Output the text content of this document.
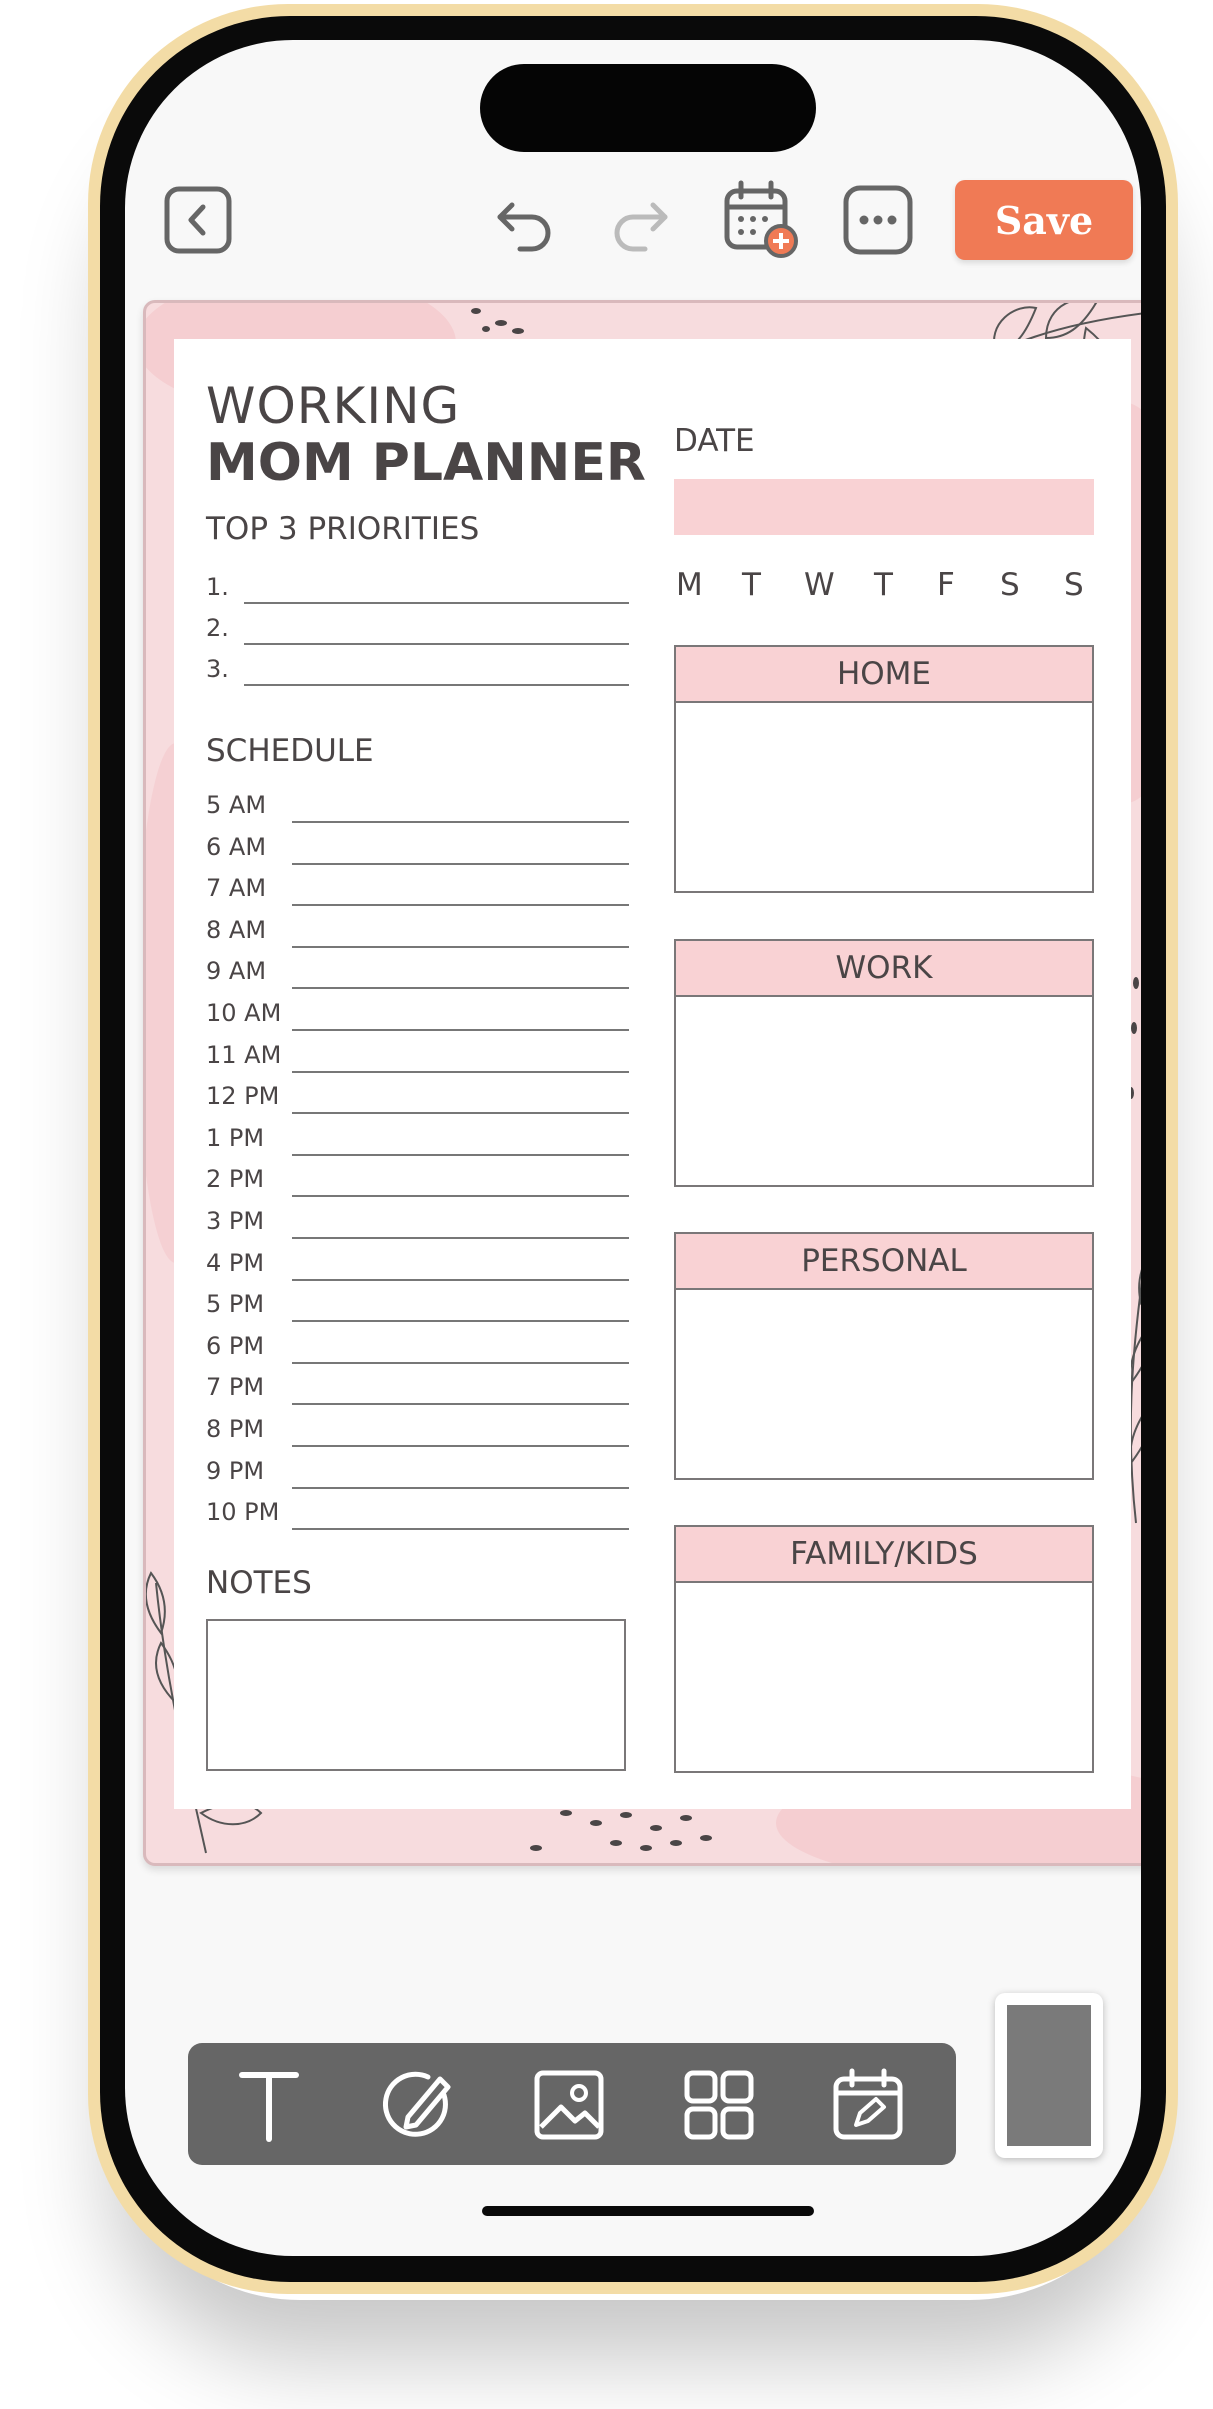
Save
WORKING
MOM PLANNER
TOP 3 PRIORITIES
1.
2.
3.
SCHEDULE
5 AM
6 AM
7 AM
8 AM
9 AM
10 AM
11 AM
12 PM
1 PM
2 PM
3 PM
4 PM
5 PM
6 PM
7 PM
8 PM
9 PM
10 PM
NOTES
DATE
M T W T F S S
HOME
WORK
PERSONAL
FAMILY/KIDS
